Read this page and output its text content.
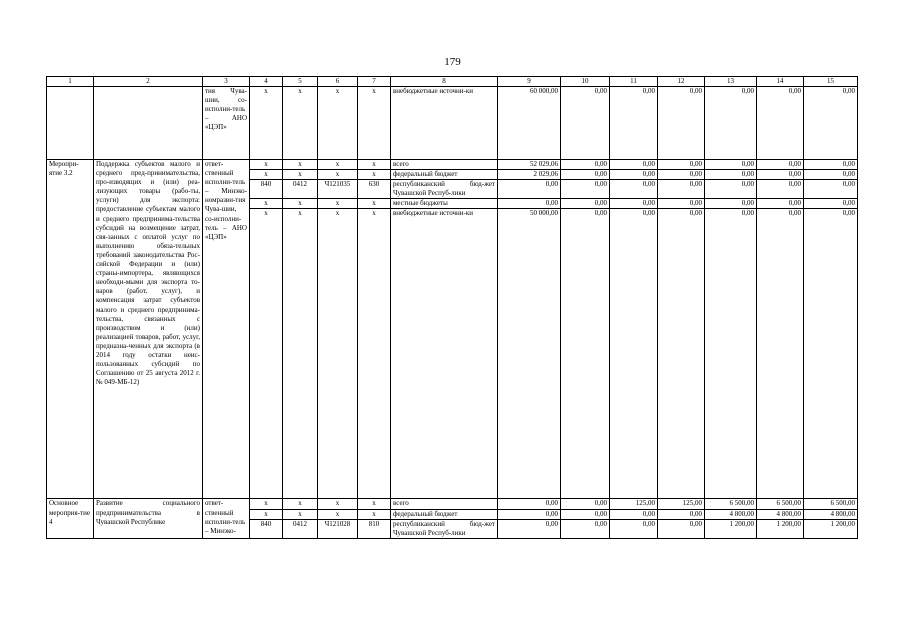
179
1	2	3	4	5	6	7	8	9	10	11	12	13	14	15
		тия Чува-шии, со-исполни-тель – АНО «ЦЭП»	x	x	x	x	внебюджетные источни-ки	60 000,00	0,00	0,00	0,00	0,00	0,00	0,00
Меропри-ятие 3.2	Поддержка субъектов малого и среднего пред-принимательства, про-изводящих и (или) реа-лизующих товары (рабо-ты, услуги) для экспорта: предоставление субъектам малого и среднего предпринима-тельства субсидий на возмещение затрат, свя-занных с оплатой услуг по выполнению обяза-тельных требований законодательства Рос-сийской Федерации и (или) страны-импортера, являющихся необходи-мыми для экспорта то-варов (работ, услуг), и компенсация затрат субъектов малого и среднего предпринима-тельства, связанных с производством и (или) реализацией товаров, работ, услуг, предназна-ченных для экспорта (в 2014 году остатки неис-пользованных субсидий по Соглашению от 25 августа 2012 г. № 049-МБ-12)	ответ-ственный исполни-тель – Минэко-номразви-тия Чува-шии, со-исполни-тель – АНО «ЦЭП»	x	x	x	x	всего	52 029,06	0,00	0,00	0,00	0,00	0,00	0,00
			x	x	x	x	федеральный бюджет	2 029,06	0,00	0,00	0,00	0,00	0,00	0,00
			840	0412	Ч121035	630	республиканский бюд-жет Чувашской Респуб-лики	0,00	0,00	0,00	0,00	0,00	0,00	0,00
			x	x	x	x	местные бюджеты	0,00	0,00	0,00	0,00	0,00	0,00	0,00
			x	x	x	x	внебюджетные источни-ки	50 000,00	0,00	0,00	0,00	0,00	0,00	0,00
Основное мероприя-тие 4	Развитие социального предпринимательства в Чувашской Республике	ответ-ственный исполни-тель – Минэко-	x	x	x	x	всего	0,00	0,00	125,00	125,00	6 500,00	6 500,00	6 500,00
			x	x	x	x	федеральный бюджет	0,00	0,00	0,00	0,00	4 800,00	4 800,00	4 800,00
			840	0412	Ч121028	810	республиканский бюд-жет Чувашской Респуб-лики	0,00	0,00	0,00	0,00	1 200,00	1 200,00	1 200,00
